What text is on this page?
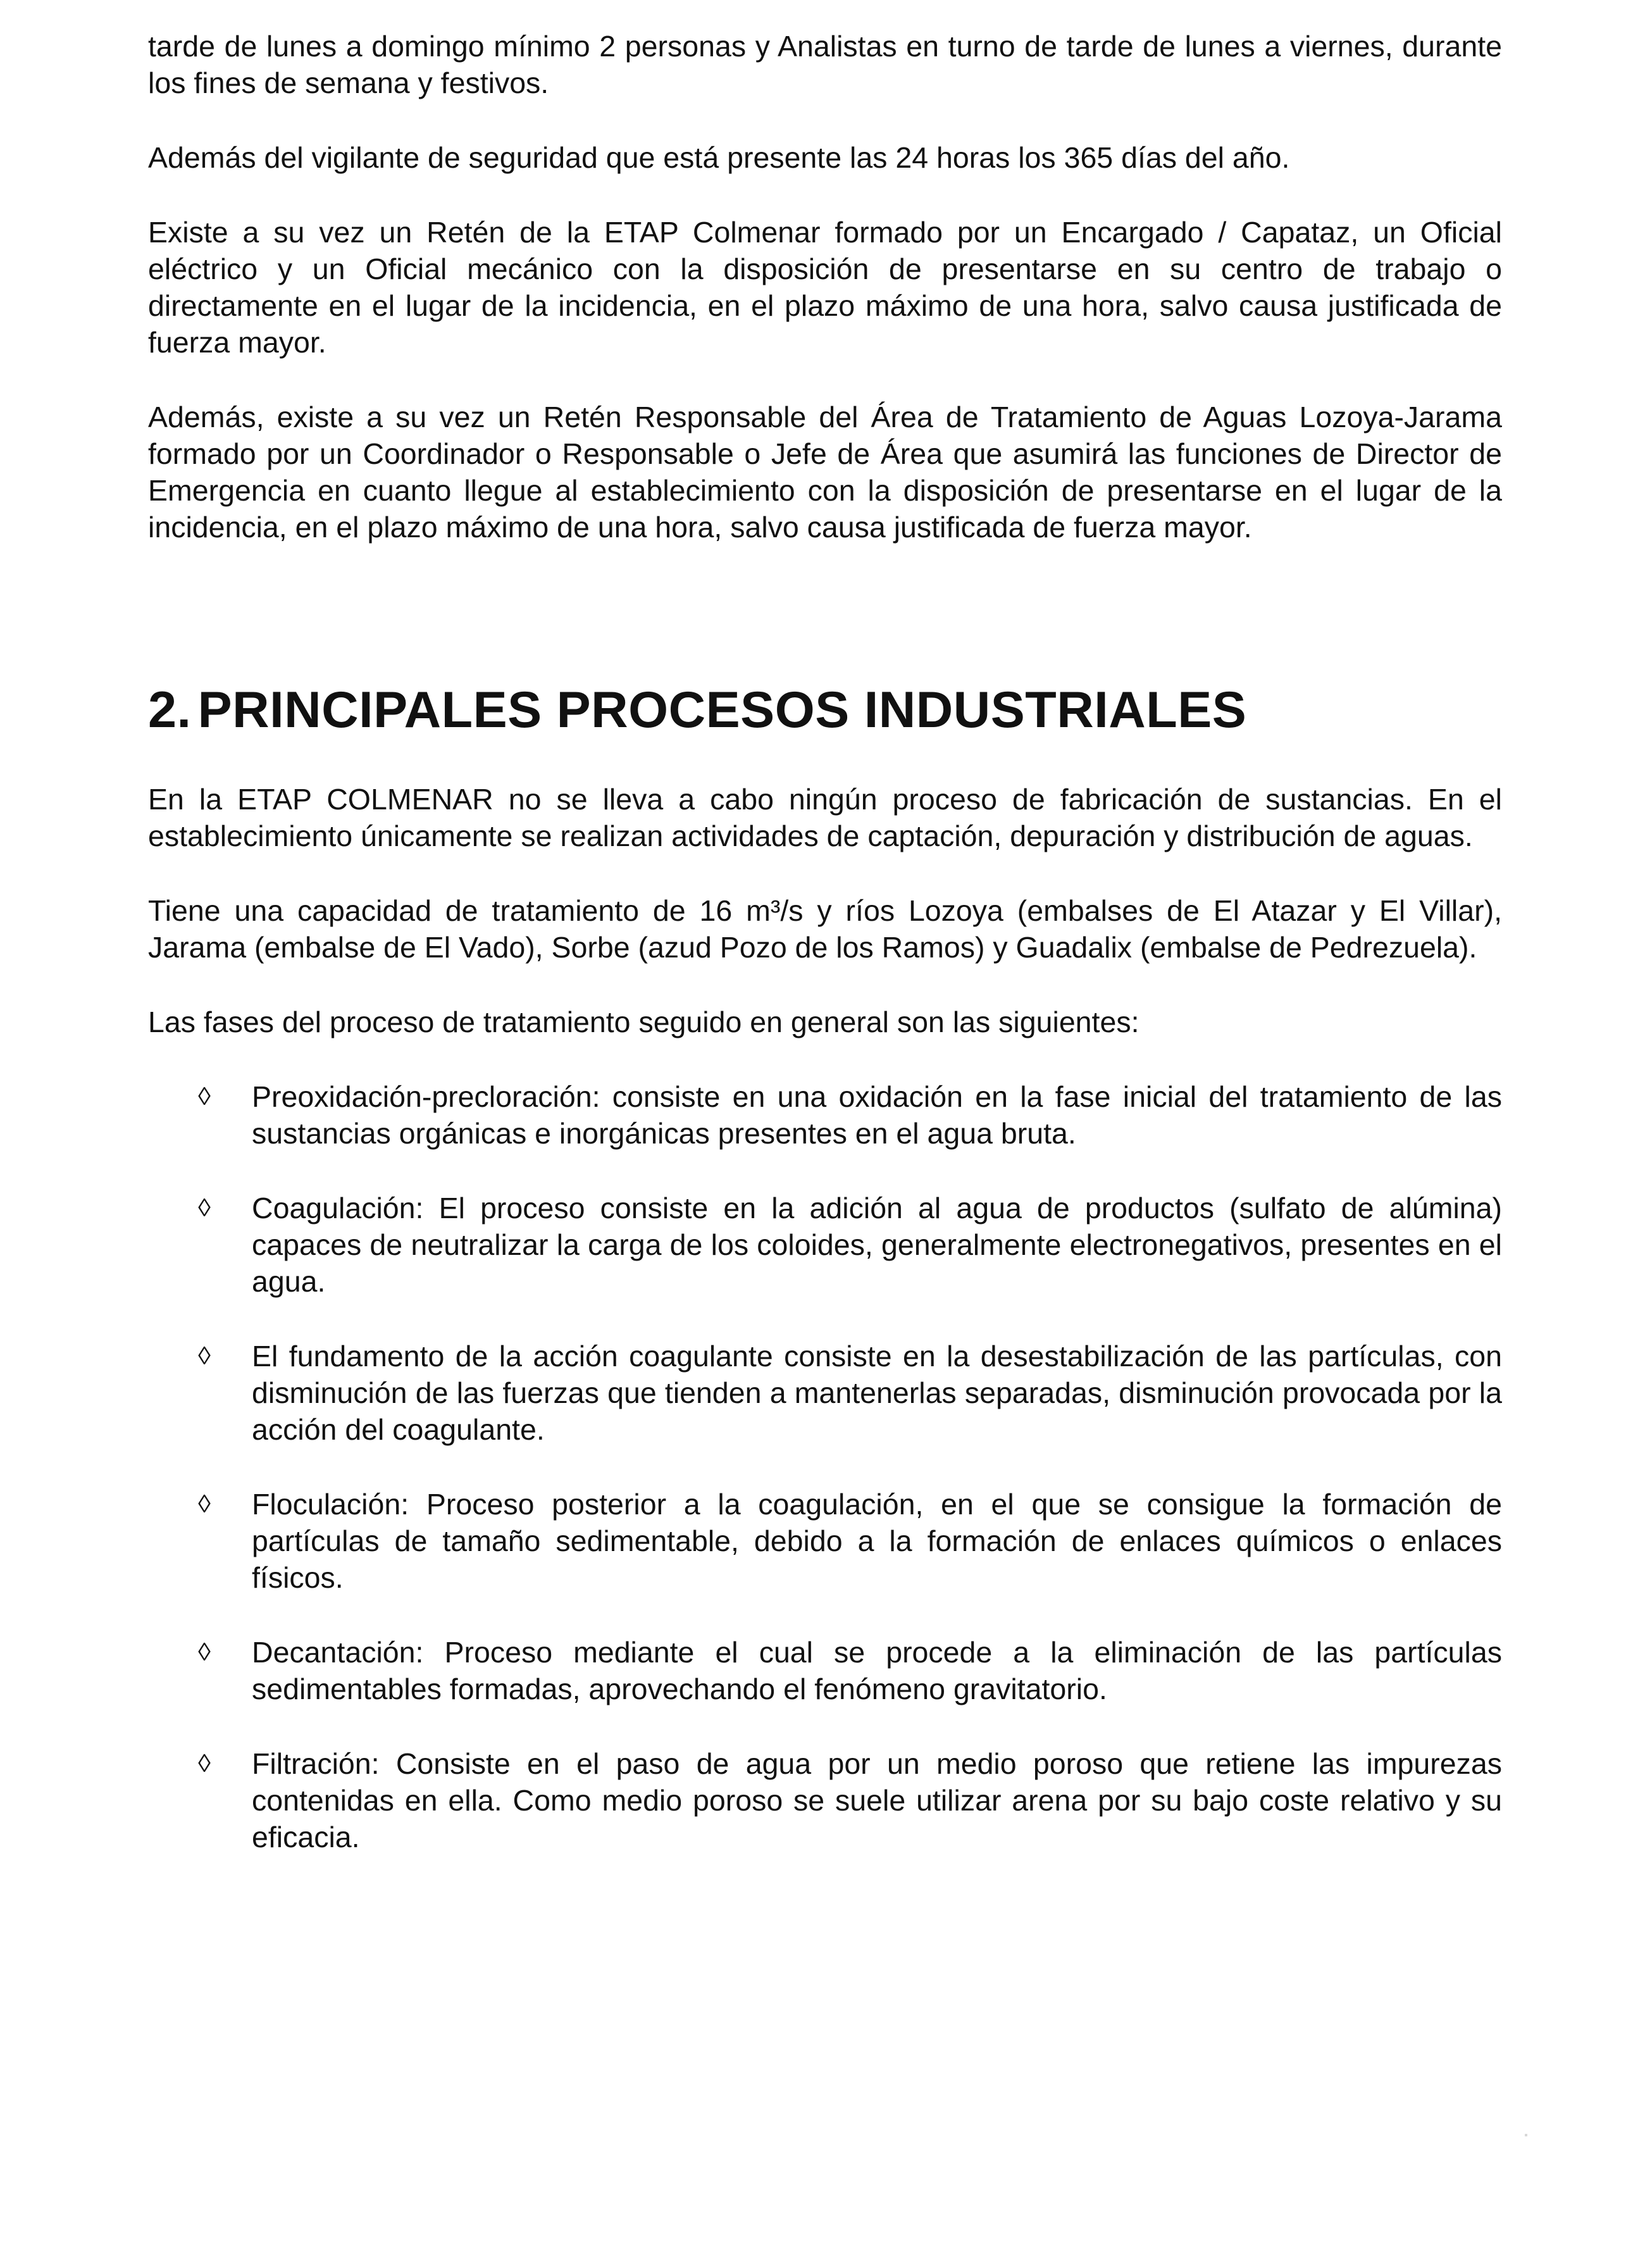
tarde de lunes a domingo mínimo 2 personas y Analistas en turno de tarde de lunes a viernes, durante los fines de semana y festivos.

Además del vigilante de seguridad que está presente las 24 horas los 365 días del año.

Existe a su vez un Retén de la ETAP Colmenar formado por un Encargado / Capataz, un Oficial eléctrico y un Oficial mecánico con la disposición de presentarse en su centro de trabajo o directamente en el lugar de la incidencia, en el plazo máximo de una hora, salvo causa justificada de fuerza mayor.

Además, existe a su vez un Retén Responsable del Área de Tratamiento de Aguas Lozoya-Jarama formado por un Coordinador o Responsable o Jefe de Área que asumirá las funciones de Director de Emergencia en cuanto llegue al establecimiento con la disposición de presentarse en el lugar de la incidencia, en el plazo máximo de una hora, salvo causa justificada de fuerza mayor.

2. PRINCIPALES PROCESOS INDUSTRIALES

En la ETAP COLMENAR no se lleva a cabo ningún proceso de fabricación de sustancias. En el establecimiento únicamente se realizan actividades de captación, depuración y distribución de aguas.

Tiene una capacidad de tratamiento de 16 m³/s y ríos Lozoya (embalses de El Atazar y El Villar), Jarama (embalse de El Vado), Sorbe (azud Pozo de los Ramos) y Guadalix (embalse de Pedrezuela).

Las fases del proceso de tratamiento seguido en general son las siguientes:

◊ Preoxidación-precloración: consiste en una oxidación en la fase inicial del tratamiento de las sustancias orgánicas e inorgánicas presentes en el agua bruta.
◊ Coagulación: El proceso consiste en la adición al agua de productos (sulfato de alúmina) capaces de neutralizar la carga de los coloides, generalmente electronegativos, presentes en el agua.
◊ El fundamento de la acción coagulante consiste en la desestabilización de las partículas, con disminución de las fuerzas que tienden a mantenerlas separadas, disminución provocada por la acción del coagulante.
◊ Floculación: Proceso posterior a la coagulación, en el que se consigue la formación de partículas de tamaño sedimentable, debido a la formación de enlaces químicos o enlaces físicos.
◊ Decantación: Proceso mediante el cual se procede a la eliminación de las partículas sedimentables formadas, aprovechando el fenómeno gravitatorio.
◊ Filtración: Consiste en el paso de agua por un medio poroso que retiene las impurezas contenidas en ella. Como medio poroso se suele utilizar arena por su bajo coste relativo y su eficacia.
